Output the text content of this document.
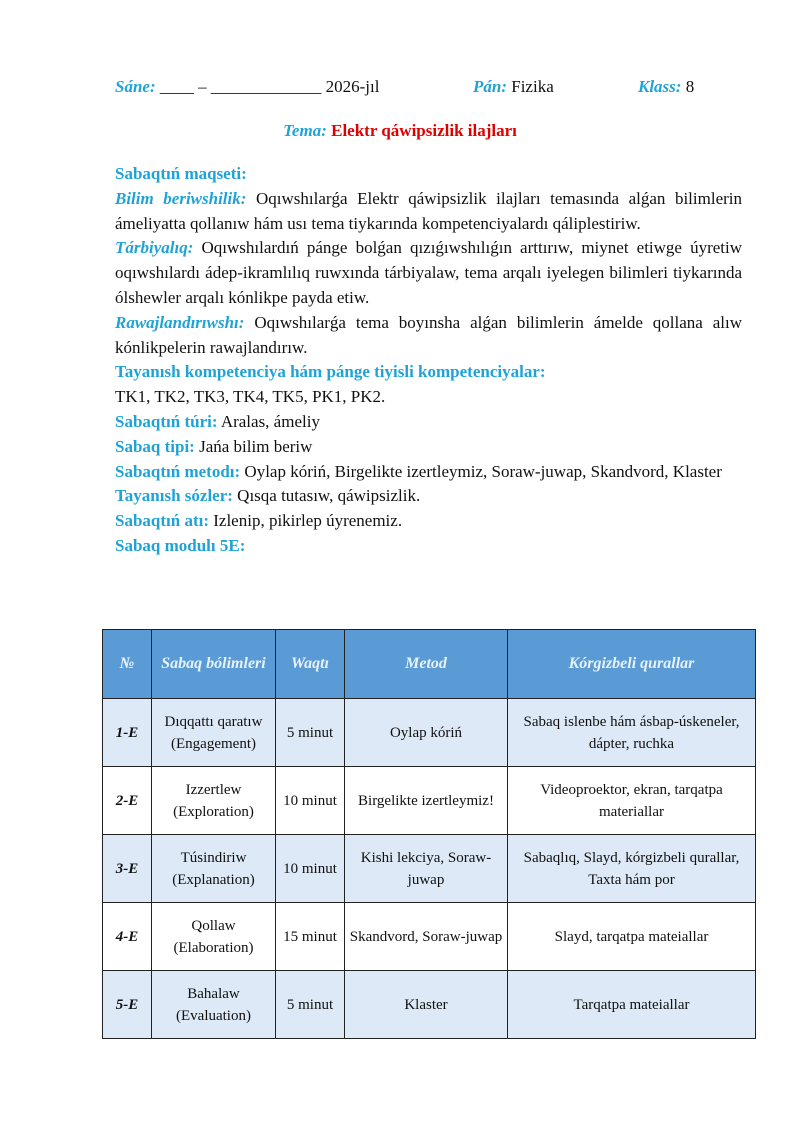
Sáne: ____ – _____________ 2026-jıl	Pán: Fizika	Klass: 8
Tema: Elektr qáwipsizlik ilajları

Sabaqtıń maqseti:

Bilim beriwshilik: Oqıwshılarǵa Elektr qáwipsizlik ilajları temasında alǵan bilimlerin ámeliyatta qollanıw hám usı tema tiykarında kompetenciyalardı qáliplestiriw.

Tárbiyalıq: Oqıwshılardıń pánge bolǵan qızıǵıwshılıǵın arttırıw, miynet etiwge úyretiw oqıwshılardı ádep-ikramlılıq ruwxında tárbiyalaw, tema arqalı iyelegen bilimleri tiykarında ólshewler arqalı kónlikpe payda etiw.

Rawajlandırıwshı: Oqıwshılarǵa tema boyınsha alǵan bilimlerin ámelde qollana alıw kónlikpelerin rawajlandırıw.

Tayanısh kompetenciya hám pánge tiyisli kompetenciyalar:

TK1, TK2, TK3, TK4, TK5, PK1, PK2.

Sabaqtıń túri: Aralas, ámeliy

Sabaq tipi: Jańa bilim beriw

Sabaqtıń metodı: Oylap kóriń, Birgelikte izertleymiz, Soraw-juwap, Skandvord, Klaster

Tayanısh sózler: Qısqa tutasıw, qáwipsizlik.

Sabaqtıń atı: Izlenip, pikirlep úyrenemiz.

Sabaq modulı 5E:

№	Sabaq bólimleri	Waqtı	Metod	Kórgizbeli qurallar
1-E	Dıqqattı qaratıw (Engagement)	5 minut	Oylap kóriń	Sabaq islenbe hám ásbap-úskeneler, dápter, ruchka
2-E	Izzertlew (Exploration)	10 minut	Birgelikte izertleymiz!	Videoproektor, ekran, tarqatpa materiallar
3-E	Túsindiriw (Explanation)	10 minut	Kishi lekciya, Soraw-juwap	Sabaqlıq, Slayd, kórgizbeli qurallar, Taxta hám por
4-E	Qollaw (Elaboration)	15 minut	Skandvord, Soraw-juwap	Slayd, tarqatpa mateiallar
5-E	Bahalaw (Evaluation)	5 minut	Klaster	Tarqatpa mateiallar
